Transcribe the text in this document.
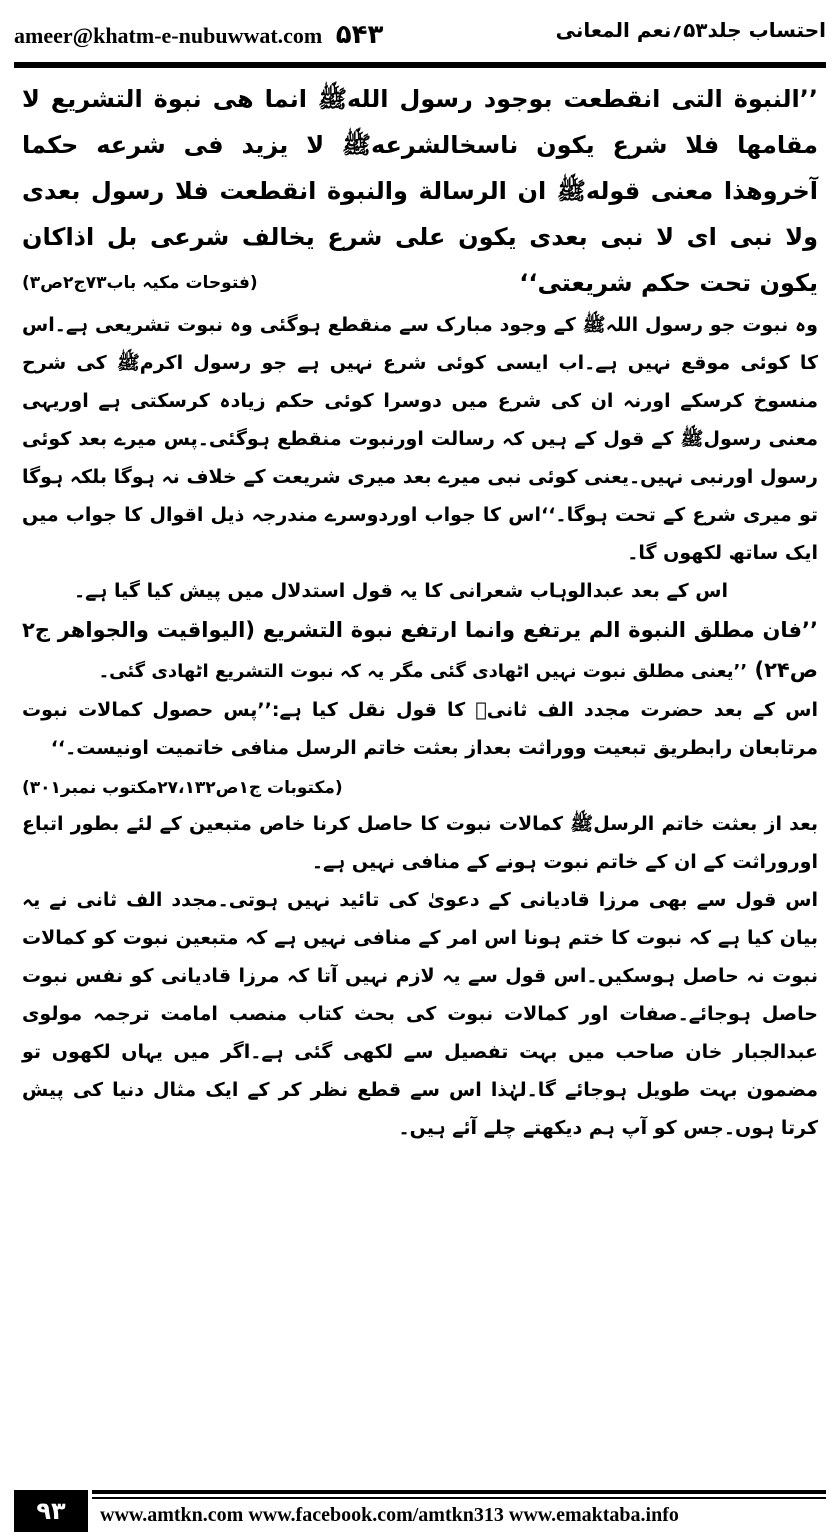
ameer@khatm-e-nubuwwat.com ۵۴۳	احتساب جلد۵۳؍نعم المعانی

’’النبوة التی انقطعت بوجود رسول اللهﷺ انما هی نبوة التشریع لا مقامها فلا شرع یکون ناسخالشرعهﷺ لا یزید فی شرعه حکما آخروهذا معنی قولهﷺ ان الرسالة والنبوة انقطعت فلا رسول بعدی ولا نبی ای لا نبی بعدی یکون علی شرع یخالف شرعی بل اذاکان یکون تحت حکم شریعتی‘‘

(فتوحات مکیہ باب۷۳ج۲ص۳)

وہ نبوت جو رسول اللہﷺ کے وجود مبارک سے منقطع ہوگئی وہ نبوت تشریعی ہے۔اس کا کوئی موقع نہیں ہے۔اب ایسی کوئی شرع نہیں ہے جو رسول اکرمﷺ کی شرح منسوخ کرسکے اورنہ ان کی شرع میں دوسرا کوئی حکم زیادہ کرسکتی ہے اوریہی معنی رسولﷺ کے قول کے ہیں کہ رسالت اورنبوت منقطع ہوگئی۔پس میرے بعد کوئی رسول اورنبی نہیں۔یعنی کوئی نبی میرے بعد میری شریعت کے خلاف نہ ہوگا بلکہ ہوگا تو میری شرع کے تحت ہوگا۔‘‘اس کا جواب اوردوسرے مندرجہ ذیل اقوال کا جواب میں ایک ساتھ لکھوں گا۔

اس کے بعد عبدالوہاب شعرانی کا یہ قول استدلال میں پیش کیا گیا ہے۔

’’فان مطلق النبوة الم یرتفع وانما ارتفع نبوة التشریع (الیواقیت والجواهر ج۲ ص۲۴) ’’یعنی مطلق نبوت نہیں اٹھادی گئی مگر یہ کہ نبوت التشریع اٹھادی گئی۔

اس کے بعد حضرت مجدد الف ثانیؒ کا قول نقل کیا ہے:’’پس حصول کمالات نبوت مرتابعان رابطریق تبعیت ووراثت بعداز بعثت خاتم الرسل منافی خاتمیت اونیست۔‘‘

(مکتوبات ج۱ص۲۷،۱۳۲مکتوب نمبر۳۰۱)

بعد از بعثت خاتم الرسلﷺ کمالات نبوت کا حاصل کرنا خاص متبعین کے لئے بطور اتباع اوروراثت کے ان کے خاتم نبوت ہونے کے منافی نہیں ہے۔

اس قول سے بھی مرزا قادیانی کے دعویٰ کی تائید نہیں ہوتی۔مجدد الف ثانی نے یہ بیان کیا ہے کہ نبوت کا ختم ہونا اس امر کے منافی نہیں ہے کہ متبعین نبوت کو کمالات نبوت نہ حاصل ہوسکیں۔اس قول سے یہ لازم نہیں آتا کہ مرزا قادیانی کو نفس نبوت حاصل ہوجائے۔صفات اور کمالات نبوت کی بحث کتاب منصب امامت ترجمہ مولوی عبدالجبار خان صاحب میں بہت تفصیل سے لکھی گئی ہے۔اگر میں یہاں لکھوں تو مضمون بہت طویل ہوجائے گا۔لہٰذا اس سے قطع نظر کر کے ایک مثال دنیا کی پیش کرتا ہوں۔جس کو آپ ہم دیکھتے چلے آئے ہیں۔

۹۳	www.amtkn.com www.facebook.com/amtkn313 www.emaktaba.info
